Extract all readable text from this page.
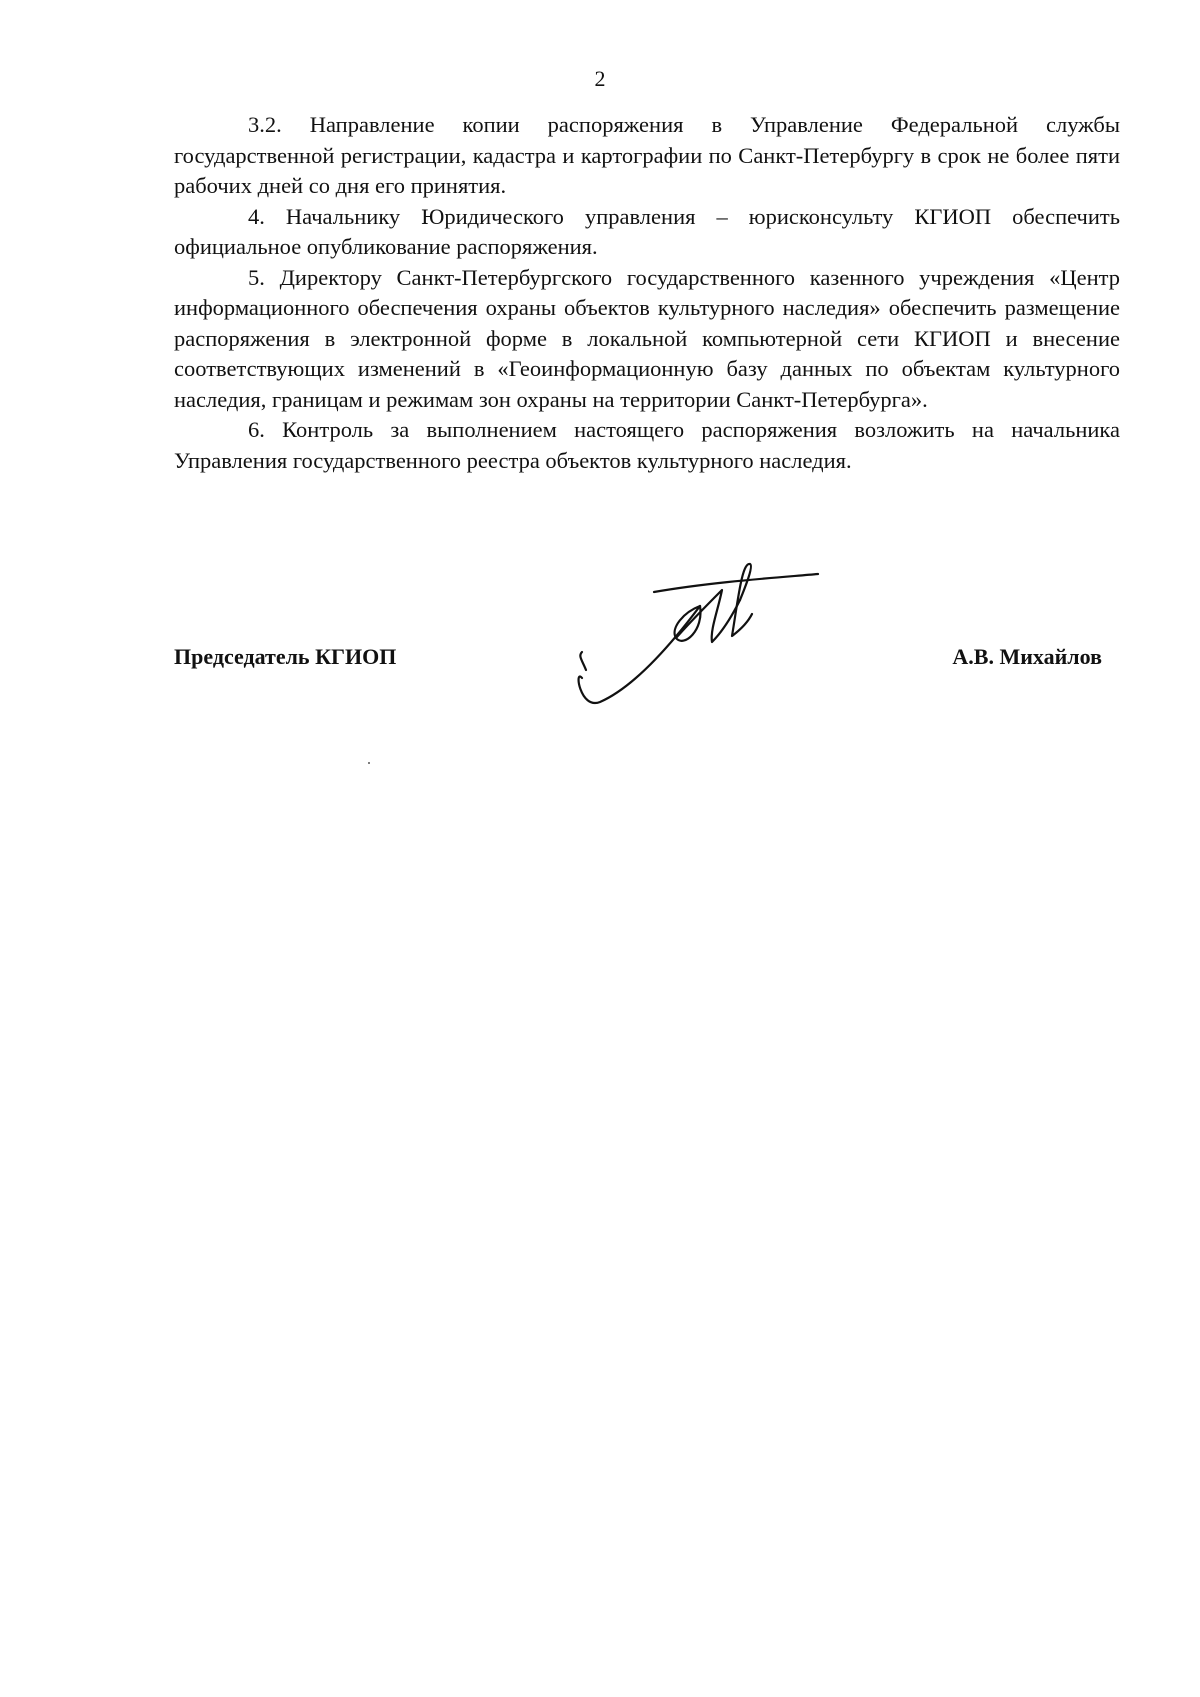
2

3.2. Направление копии распоряжения в Управление Федеральной службы государственной регистрации, кадастра и картографии по Санкт-Петербургу в срок не более пяти рабочих дней со дня его принятия.

4. Начальнику Юридического управления – юрисконсульту КГИОП обеспечить официальное опубликование распоряжения.

5. Директору Санкт-Петербургского государственного казенного учреждения «Центр информационного обеспечения охраны объектов культурного наследия» обеспечить размещение распоряжения в электронной форме в локальной компьютерной сети КГИОП и внесение соответствующих изменений в «Геоинформационную базу данных по объектам культурного наследия, границам и режимам зон охраны на территории Санкт-Петербурга».

6. Контроль за выполнением настоящего распоряжения возложить на начальника Управления государственного реестра объектов культурного наследия.

Председатель КГИОП	А.В. Михайлов
